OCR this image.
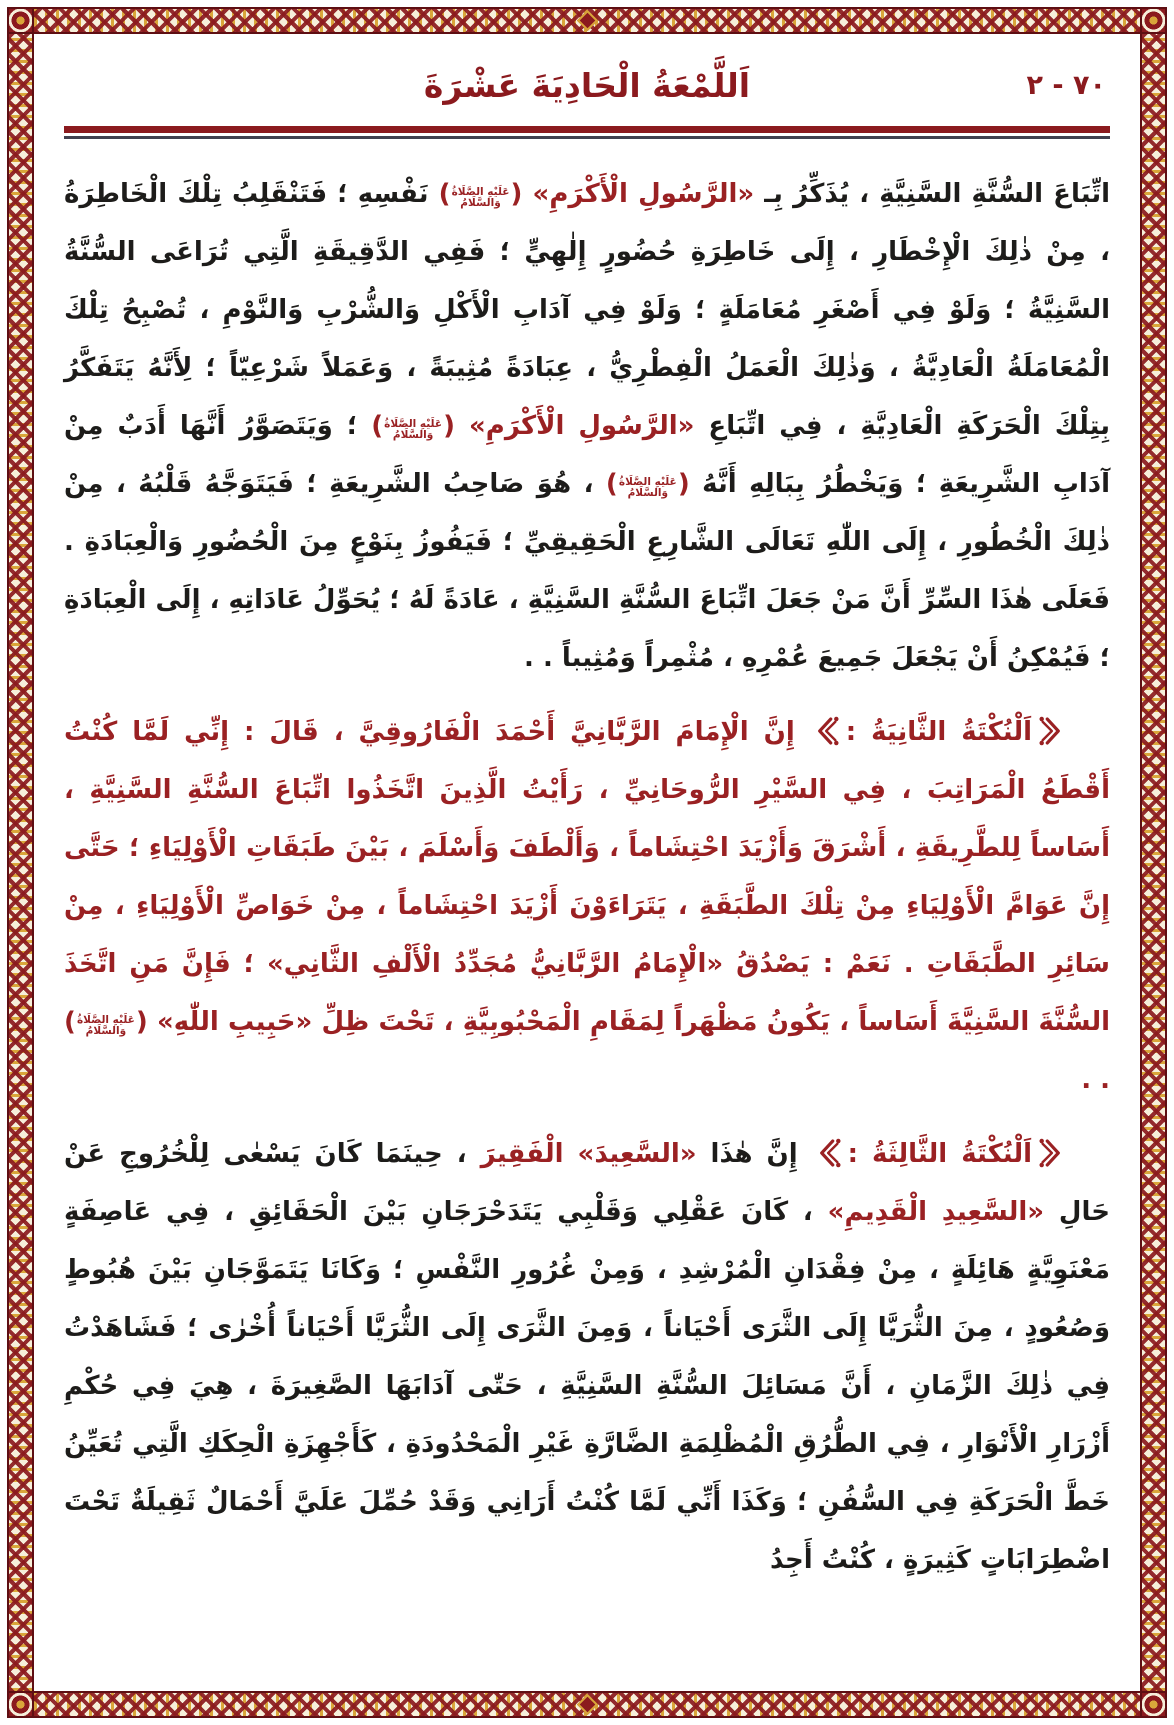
اَللَّمْعَةُ الْحَادِيَةَ عَشْرَةَ	٧٠ - ٢

اتِّبَاعَ السُّنَّةِ السَّنِيَّةِ ، يُذَكِّرُ بِـ «الرَّسُولِ الْأَكْرَمِ» (عَلَيْهِ الصَّلَاةُ وَالسَّلَامُ) نَفْسِهِ ؛ فَتَنْقَلِبُ تِلْكَ الْخَاطِرَةُ ، مِنْ ذٰلِكَ الْإِخْطَارِ ، إِلَى خَاطِرَةِ حُضُورٍ إِلٰهِيٍّ ؛ فَفِي الدَّقِيقَةِ الَّتِي تُرَاعَى السُّنَّةُ السَّنِيَّةُ ؛ وَلَوْ فِي أَصْغَرِ مُعَامَلَةٍ ؛ وَلَوْ فِي آدَابِ الْأَكْلِ وَالشُّرْبِ وَالنَّوْمِ ، تُصْبِحُ تِلْكَ الْمُعَامَلَةُ الْعَادِيَّةُ ، وَذٰلِكَ الْعَمَلُ الْفِطْرِيُّ ، عِبَادَةً مُثِيبَةً ، وَعَمَلاً شَرْعِيّاً ؛ لِأَنَّهُ يَتَفَكَّرُ بِتِلْكَ الْحَرَكَةِ الْعَادِيَّةِ ، فِي اتِّبَاعِ «الرَّسُولِ الْأَكْرَمِ» (عَلَيْهِ الصَّلَاةُ وَالسَّلَامُ) ؛ وَيَتَصَوَّرُ أَنَّهَا أَدَبٌ مِنْ آدَابِ الشَّرِيعَةِ ؛ وَيَخْطُرُ بِبَالِهِ أَنَّهُ (عَلَيْهِ الصَّلَاةُ وَالسَّلَامُ) ، هُوَ صَاحِبُ الشَّرِيعَةِ ؛ فَيَتَوَجَّهُ قَلْبُهُ ، مِنْ ذٰلِكَ الْخُطُورِ ، إِلَى اللّٰهِ تَعَالَى الشَّارِعِ الْحَقِيقِيِّ ؛ فَيَفُوزُ بِنَوْعٍ مِنَ الْحُضُورِ وَالْعِبَادَةِ . فَعَلَى هٰذَا السِّرِّ أَنَّ مَنْ جَعَلَ اتِّبَاعَ السُّنَّةِ السَّنِيَّةِ ، عَادَةً لَهُ ؛ يُحَوِّلُ عَادَاتِهِ ، إِلَى الْعِبَادَةِ ؛ فَيُمْكِنُ أَنْ يَجْعَلَ جَمِيعَ عُمْرِهِ ، مُثْمِراً وَمُثِيباً . .

اَلْنُكْتَةُ الثَّانِيَةُ :
إِنَّ الْإِمَامَ الرَّبَّانِيَّ أَحْمَدَ الْفَارُوقِيَّ ، قَالَ : إِنِّي لَمَّا كُنْتُ أَقْطَعُ الْمَرَاتِبَ ، فِي السَّيْرِ الرُّوحَانِيِّ ، رَأَيْتُ الَّذِينَ اتَّخَذُوا اتِّبَاعَ السُّنَّةِ السَّنِيَّةِ ، أَسَاساً لِلطَّرِيقَةِ ، أَشْرَقَ وَأَزْيَدَ احْتِشَاماً ، وَأَلْطَفَ وَأَسْلَمَ ، بَيْنَ طَبَقَاتِ الْأَوْلِيَاءِ ؛ حَتَّى إِنَّ عَوَامَّ الْأَوْلِيَاءِ مِنْ تِلْكَ الطَّبَقَةِ ، يَتَرَاءَوْنَ أَزْيَدَ احْتِشَاماً ، مِنْ خَوَاصِّ الْأَوْلِيَاءِ ، مِنْ سَائِرِ الطَّبَقَاتِ . نَعَمْ : يَصْدُقُ «الْإِمَامُ الرَّبَّانِيُّ مُجَدِّدُ الْأَلْفِ الثَّانِي» ؛ فَإِنَّ مَنِ اتَّخَذَ السُّنَّةَ السَّنِيَّةَ أَسَاساً ، يَكُونُ مَظْهَراً لِمَقَامِ الْمَحْبُوبِيَّةِ ، تَحْتَ ظِلِّ «حَبِيبِ اللّٰهِ» (عَلَيْهِ الصَّلَاةُ وَالسَّلَامُ) . .

اَلْنُكْتَةُ الثَّالِثَةُ :
إِنَّ هٰذَا «السَّعِيدَ» الْفَقِيرَ ، حِينَمَا كَانَ يَسْعٰى لِلْخُرُوجِ عَنْ حَالِ «السَّعِيدِ الْقَدِيمِ» ، كَانَ عَقْلِي وَقَلْبِي يَتَدَحْرَجَانِ بَيْنَ الْحَقَائِقِ ، فِي عَاصِفَةٍ مَعْنَوِيَّةٍ هَائِلَةٍ ، مِنْ فِقْدَانِ الْمُرْشِدِ ، وَمِنْ غُرُورِ النَّفْسِ ؛ وَكَانَا يَتَمَوَّجَانِ بَيْنَ هُبُوطٍ وَصُعُودٍ ، مِنَ الثُّرَيَّا إِلَى الثَّرَى أَحْيَاناً ، وَمِنَ الثَّرَى إِلَى الثُّرَيَّا أَحْيَاناً أُخْرٰى ؛ فَشَاهَدْتُ فِي ذٰلِكَ الزَّمَانِ ، أَنَّ مَسَائِلَ السُّنَّةِ السَّنِيَّةِ ، حَتّٰى آدَابَهَا الصَّغِيرَةَ ، هِيَ فِي حُكْمِ أَزْرَارِ الْأَنْوَارِ ، فِي الطُّرُقِ الْمُظْلِمَةِ الضَّارَّةِ غَيْرِ الْمَحْدُودَةِ ، كَأَجْهِزَةِ الْحِكَكِ الَّتِي تُعَيِّنُ خَطَّ الْحَرَكَةِ فِي السُّفُنِ ؛ وَكَذَا أَنِّي لَمَّا كُنْتُ أَرَانِي وَقَدْ حُمِّلَ عَلَيَّ أَحْمَالٌ ثَقِيلَةٌ تَحْتَ اضْطِرَابَاتٍ كَثِيرَةٍ ، كُنْتُ أَجِدُ
